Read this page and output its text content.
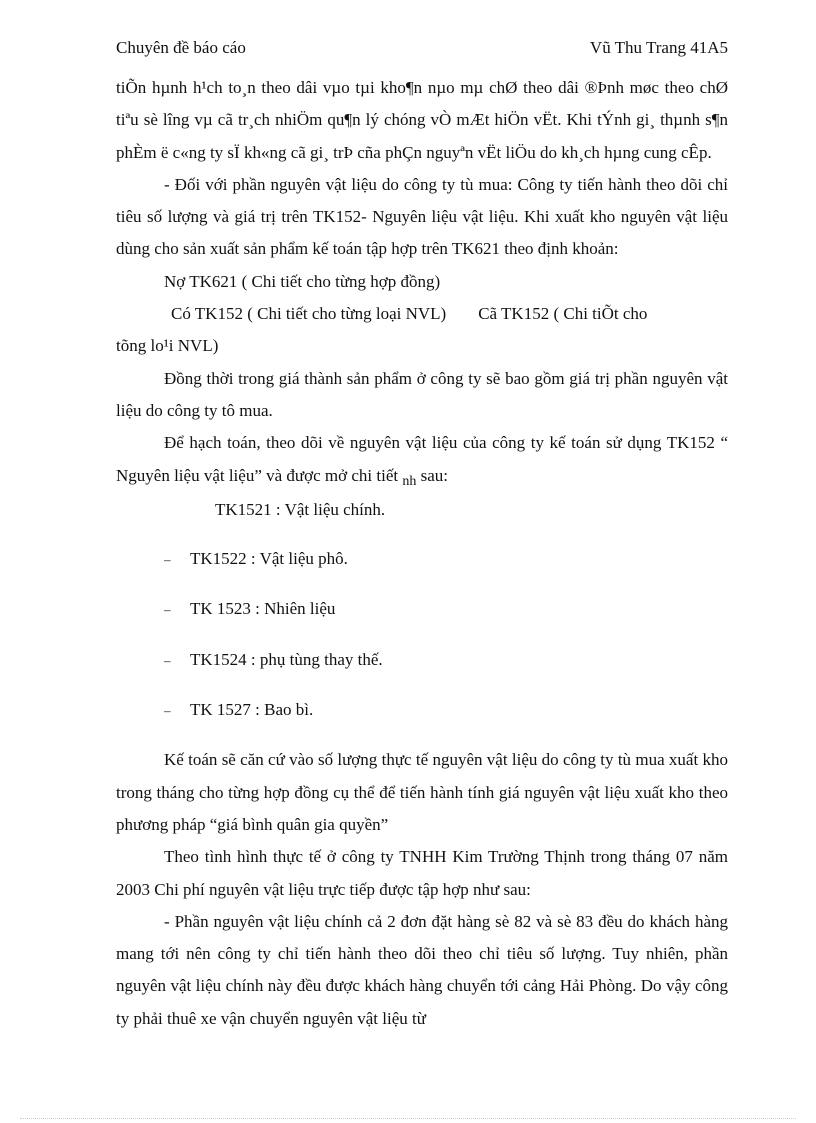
Chuyên đề báo cáo	Vũ Thu Trang 41A5

tiÕn hµnh h¹ch to¸n theo dâi vµo tµi kho¶n nµo mµ chØ theo dâi ®Þnh møc theo chØ tiªu sè lîng vµ cã tr¸ch nhiÖm qu¶n lý chóng vÒ mÆt hiÖn vËt. Khi tÝnh gi¸ thµnh s¶n phÈm ë c«ng ty sÏ kh«ng cã gi¸ trÞ cña phÇn nguyªn vËt liÖu do kh¸ch hµng cung cÊp.

- Đối với phần nguyên vật liệu do công ty tù mua: Công ty tiến hành theo dõi chỉ tiêu số lượng và giá trị trên TK152- Nguyên liệu vật liệu. Khi xuất kho nguyên vật liệu dùng cho sản xuất sản phẩm kế toán tập hợp trên TK621 theo định khoản:

Nợ TK621 ( Chi tiết cho từng hợp đồng)

Có TK152 ( Chi tiết cho từng loại NVL) Cã TK152 ( Chi tiÕt cho

tõng lo¹i NVL)

Đồng thời trong giá thành sản phẩm ở công ty sẽ bao gồm giá trị phần nguyên vật liệu do công ty tô mua.

Để hạch toán, theo dõi về nguyên vật liệu của công ty kế toán sử dụng TK152 “ Nguyên liệu vật liệu” và được mở chi tiết $_{nh}$ sau:

TK1521 : Vật liệu chính.

– TK1522 : Vật liệu phô.

– TK 1523 : Nhiên liệu

– TK1524 : phụ tùng thay thế.

– TK 1527 : Bao bì.

Kế toán sẽ căn cứ vào số lượng thực tế nguyên vật liệu do công ty tù mua xuất kho trong tháng cho từng hợp đồng cụ thể để tiến hành tính giá nguyên vật liệu xuất kho theo phương pháp “giá bình quân gia quyền”

Theo tình hình thực tế ở công ty TNHH Kim Trường Thịnh trong tháng 07 năm 2003 Chi phí nguyên vật liệu trực tiếp được tập hợp như sau:

- Phần nguyên vật liệu chính cả 2 đơn đặt hàng sè 82 và sè 83 đều do khách hàng mang tới nên công ty chỉ tiến hành theo dõi theo chỉ tiêu số lượng. Tuy nhiên, phần nguyên vật liệu chính này đều được khách hàng chuyển tới cảng Hải Phòng. Do vậy công ty phải thuê xe vận chuyển nguyên vật liệu từ
